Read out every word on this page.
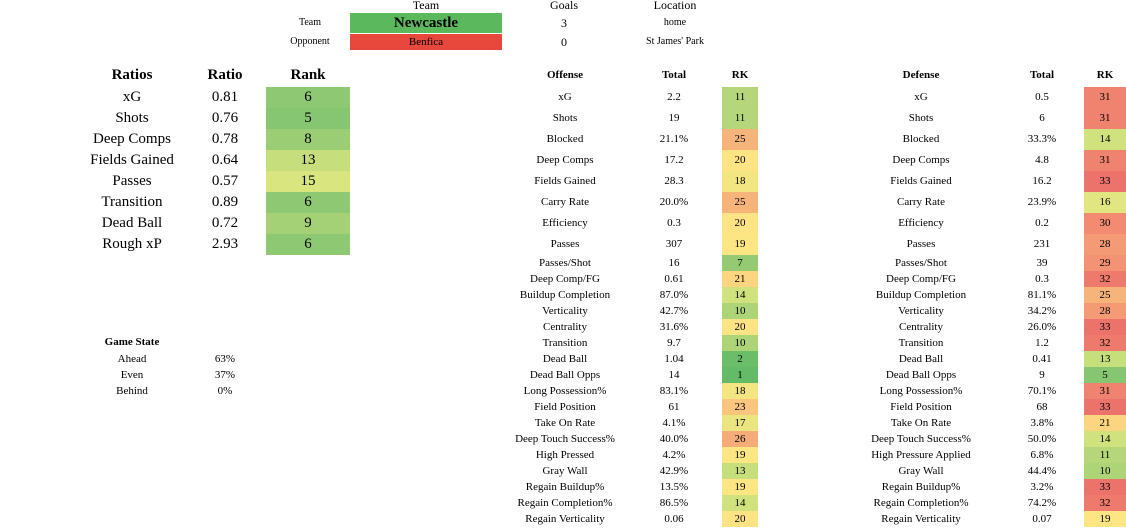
Team	Goals	Location
Team	Newcastle	3	home
Opponent	Benfica	0	St James' Park
Ratios	Ratio	Rank
xG	0.81	6
Shots	0.76	5
Deep Comps	0.78	8
Fields Gained	0.64	13
Passes	0.57	15
Transition	0.89	6
Dead Ball	0.72	9
Rough xP	2.93	6
Game State
Ahead	63%
Even	37%
Behind	0%
Offense	Total	RK
xG	2.2	11
Shots	19	11
Blocked	21.1%	25
Deep Comps	17.2	20
Fields Gained	28.3	18
Carry Rate	20.0%	25
Efficiency	0.3	20
Passes	307	19
Passes/Shot	16	7
Deep Comp/FG	0.61	21
Buildup Completion	87.0%	14
Verticality	42.7%	10
Centrality	31.6%	20
Transition	9.7	10
Dead Ball	1.04	2
Dead Ball Opps	14	1
Long Possession%	83.1%	18
Field Position	61	23
Take On Rate	4.1%	17
Deep Touch Success%	40.0%	26
High Pressed	4.2%	19
Gray Wall	42.9%	13
Regain Buildup%	13.5%	19
Regain Completion%	86.5%	14
Regain Verticality	0.06	20
Defense	Total	RK
xG	0.5	31
Shots	6	31
Blocked	33.3%	14
Deep Comps	4.8	31
Fields Gained	16.2	33
Carry Rate	23.9%	16
Efficiency	0.2	30
Passes	231	28
Passes/Shot	39	29
Deep Comp/FG	0.3	32
Buildup Completion	81.1%	25
Verticality	34.2%	28
Centrality	26.0%	33
Transition	1.2	32
Dead Ball	0.41	13
Dead Ball Opps	9	5
Long Possession%	70.1%	31
Field Position	68	33
Take On Rate	3.8%	21
Deep Touch Success%	50.0%	14
High Pressure Applied	6.8%	11
Gray Wall	44.4%	10
Regain Buildup%	3.2%	33
Regain Completion%	74.2%	32
Regain Verticality	0.07	19
